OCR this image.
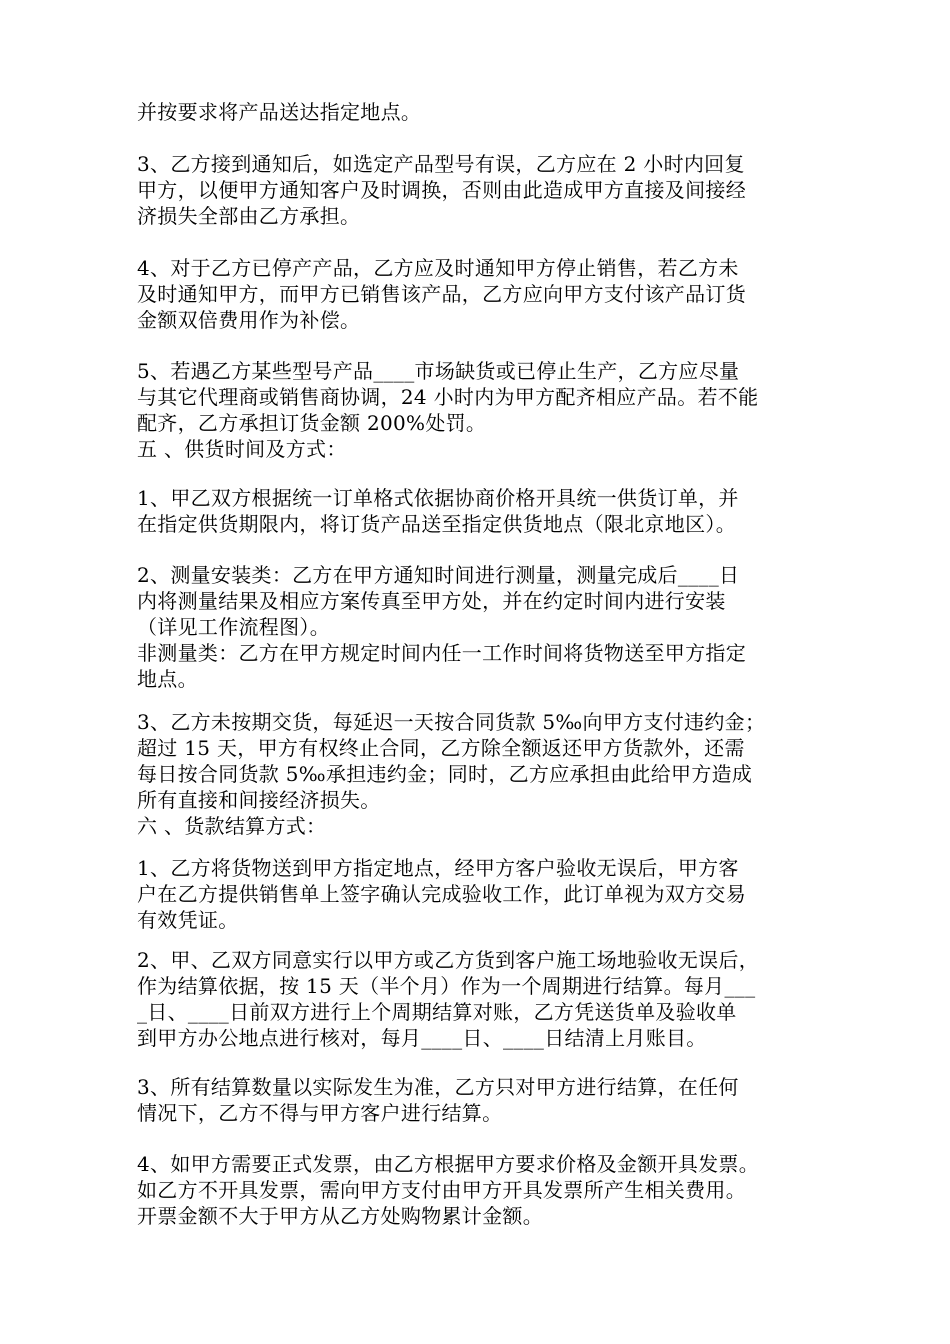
并按要求将产品送达指定地点。
3、乙方接到通知后，如选定产品型号有误，乙方应在 2 小时内回复
甲方，以便甲方通知客户及时调换，否则由此造成甲方直接及间接经
济损失全部由乙方承担。
4、对于乙方已停产产品，乙方应及时通知甲方停止销售，若乙方未
及时通知甲方，而甲方已销售该产品，乙方应向甲方支付该产品订货
金额双倍费用作为补偿。
5、若遇乙方某些型号产品____市场缺货或已停止生产，乙方应尽量
与其它代理商或销售商协调，24 小时内为甲方配齐相应产品。若不能
配齐，乙方承担订货金额 200%处罚。
五 、供货时间及方式：
1、甲乙双方根据统一订单格式依据协商价格开具统一供货订单，并
在指定供货期限内，将订货产品送至指定供货地点（限北京地区）。
2、测量安装类：乙方在甲方通知时间进行测量，测量完成后____日
内将测量结果及相应方案传真至甲方处，并在约定时间内进行安装
（详见工作流程图）。
非测量类：乙方在甲方规定时间内任一工作时间将货物送至甲方指定
地点。
3、乙方未按期交货，每延迟一天按合同货款 5‰向甲方支付违约金；
超过 15 天，甲方有权终止合同，乙方除全额返还甲方货款外，还需
每日按合同货款 5‰承担违约金；同时，乙方应承担由此给甲方造成
所有直接和间接经济损失。
六 、货款结算方式：
1、乙方将货物送到甲方指定地点，经甲方客户验收无误后，甲方客
户在乙方提供销售单上签字确认完成验收工作，此订单视为双方交易
有效凭证。
2、甲、乙双方同意实行以甲方或乙方货到客户施工场地验收无误后，
作为结算依据，按 15 天（半个月）作为一个周期进行结算。每月___
_日、____日前双方进行上个周期结算对账，乙方凭送货单及验收单
到甲方办公地点进行核对，每月____日、____日结清上月账目。
3、所有结算数量以实际发生为准，乙方只对甲方进行结算，在任何
情况下，乙方不得与甲方客户进行结算。
4、如甲方需要正式发票，由乙方根据甲方要求价格及金额开具发票。
如乙方不开具发票，需向甲方支付由甲方开具发票所产生相关费用。
开票金额不大于甲方从乙方处购物累计金额。
